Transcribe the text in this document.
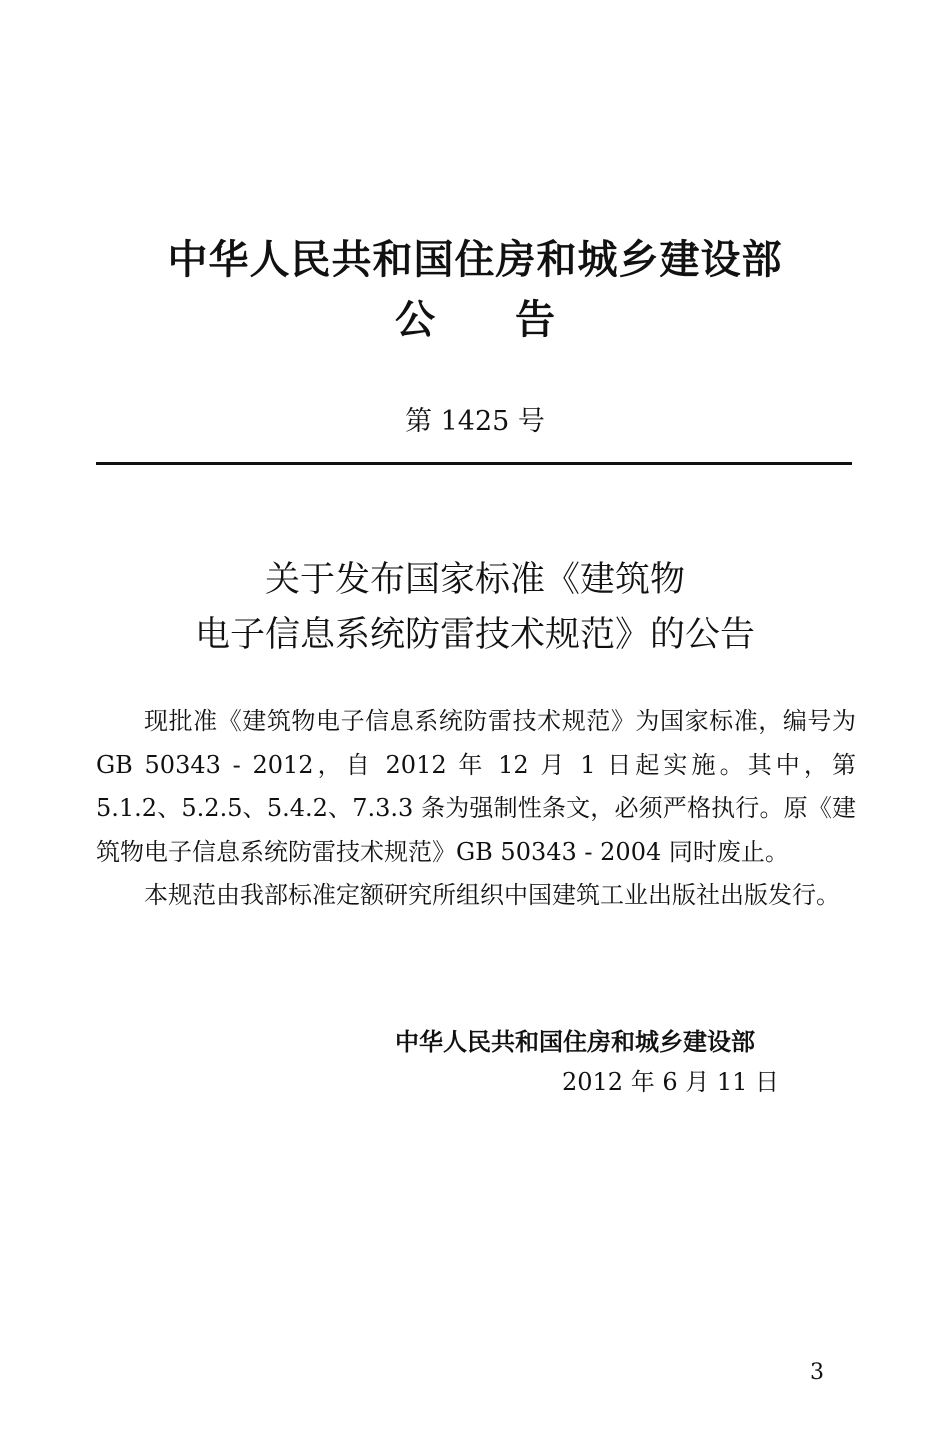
中华人民共和国住房和城乡建设部
公告
第 1425 号
关于发布国家标准《建筑物
电子信息系统防雷技术规范》的公告

现批准《建筑物电子信息系统防雷技术规范》为国家标准，编号为 GB 50343 - 2012，自 2012 年 12 月 1 日起实施。其中，第 5.1.2、5.2.5、5.4.2、7.3.3 条为强制性条文，必须严格执行。原《建筑物电子信息系统防雷技术规范》GB 50343 - 2004 同时废止。

本规范由我部标准定额研究所组织中国建筑工业出版社出版发行。

中华人民共和国住房和城乡建设部
2012 年 6 月 11 日
3
